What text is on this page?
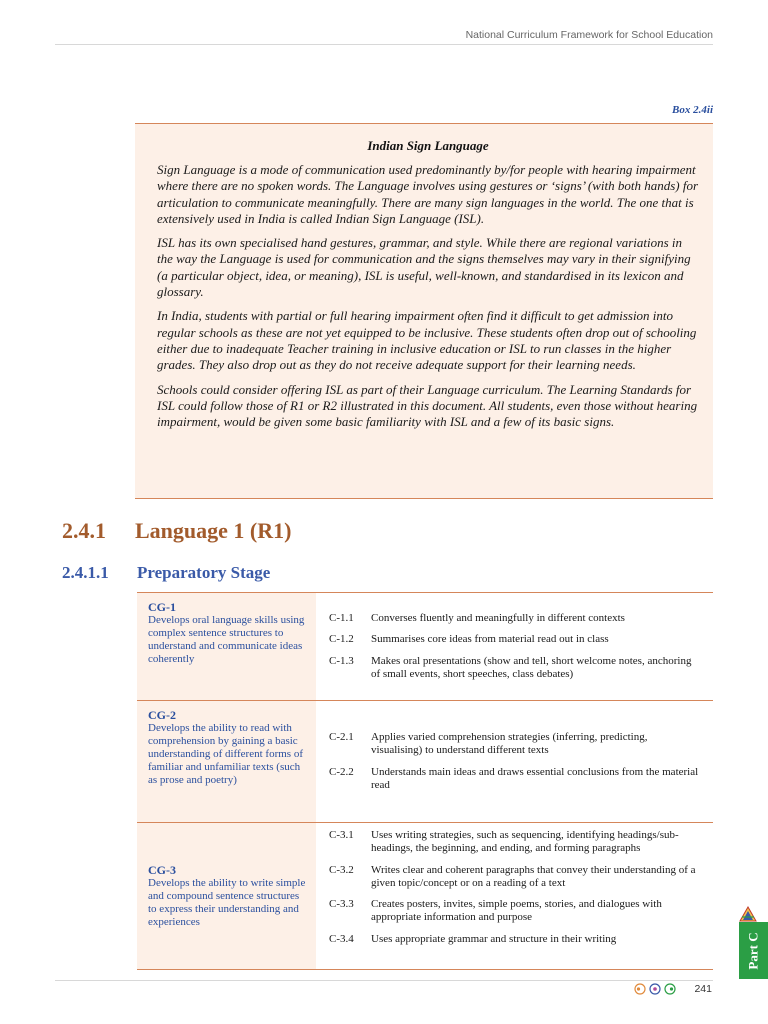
National Curriculum Framework for School Education
Box 2.4ii

Indian Sign Language

Sign Language is a mode of communication used predominantly by/for people with hearing impairment where there are no spoken words. The Language involves using gestures or ‘signs’ (with both hands) for articulation to communicate meaningfully. There are many sign languages in the world. The one that is extensively used in India is called Indian Sign Language (ISL).

ISL has its own specialised hand gestures, grammar, and style. While there are regional variations in the way the Language is used for communication and the signs themselves may vary in their signifying (a particular object, idea, or meaning), ISL is useful, well-known, and standardised in its lexicon and glossary.

In India, students with partial or full hearing impairment often find it difficult to get admission into regular schools as these are not yet equipped to be inclusive. These students often drop out of schooling either due to inadequate Teacher training in inclusive education or ISL to run classes in the higher grades. They also drop out as they do not receive adequate support for their learning needs.

Schools could consider offering ISL as part of their Language curriculum. The Learning Standards for ISL could follow those of R1 or R2 illustrated in this document. All students, even those without hearing impairment, would be given some basic familiarity with ISL and a few of its basic signs.

2.4.1 Language 1 (R1)
2.4.1.1 Preparatory Stage
CG-1
Develops oral language skills using complex sentence structures to understand and communicate ideas coherently
C-1.1	Converses fluently and meaningfully in different contexts
C-1.2	Summarises core ideas from material read out in class
C-1.3	Makes oral presentations (show and tell, short welcome notes, anchoring of small events, short speeches, class debates)
CG-2
Develops the ability to read with comprehension by gaining a basic understanding of different forms of familiar and unfamiliar texts (such as prose and poetry)
C-2.1	Applies varied comprehension strategies (inferring, predicting, visualising) to understand different texts
C-2.2	Understands main ideas and draws essential conclusions from the material read
CG-3
Develops the ability to write simple and compound sentence structures to express their understanding and experiences
C-3.1	Uses writing strategies, such as sequencing, identifying headings/sub-headings, the beginning, and ending, and forming paragraphs
C-3.2	Writes clear and coherent paragraphs that convey their understanding of a given topic/concept or on a reading of a text
C-3.3	Creates posters, invites, simple poems, stories, and dialogues with appropriate information and purpose
C-3.4	Uses appropriate grammar and structure in their writing	Part C
241
